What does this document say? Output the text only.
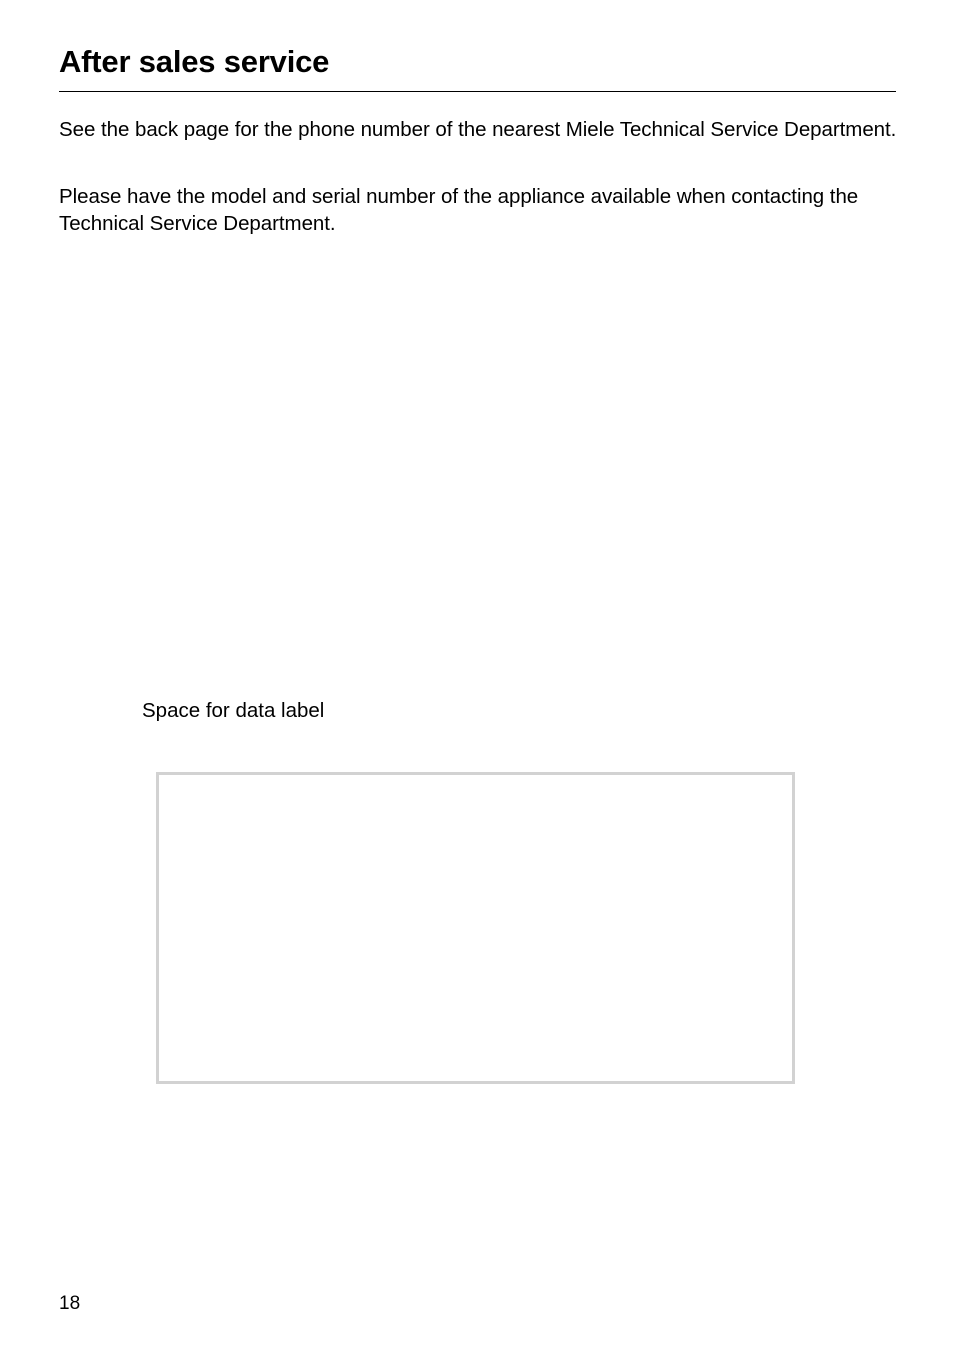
After sales service

See the back page for the phone number of the nearest Miele Technical Service Department.

Please have the model and serial number of the appliance available when contacting the Technical Service Department.

Space for data label

18
